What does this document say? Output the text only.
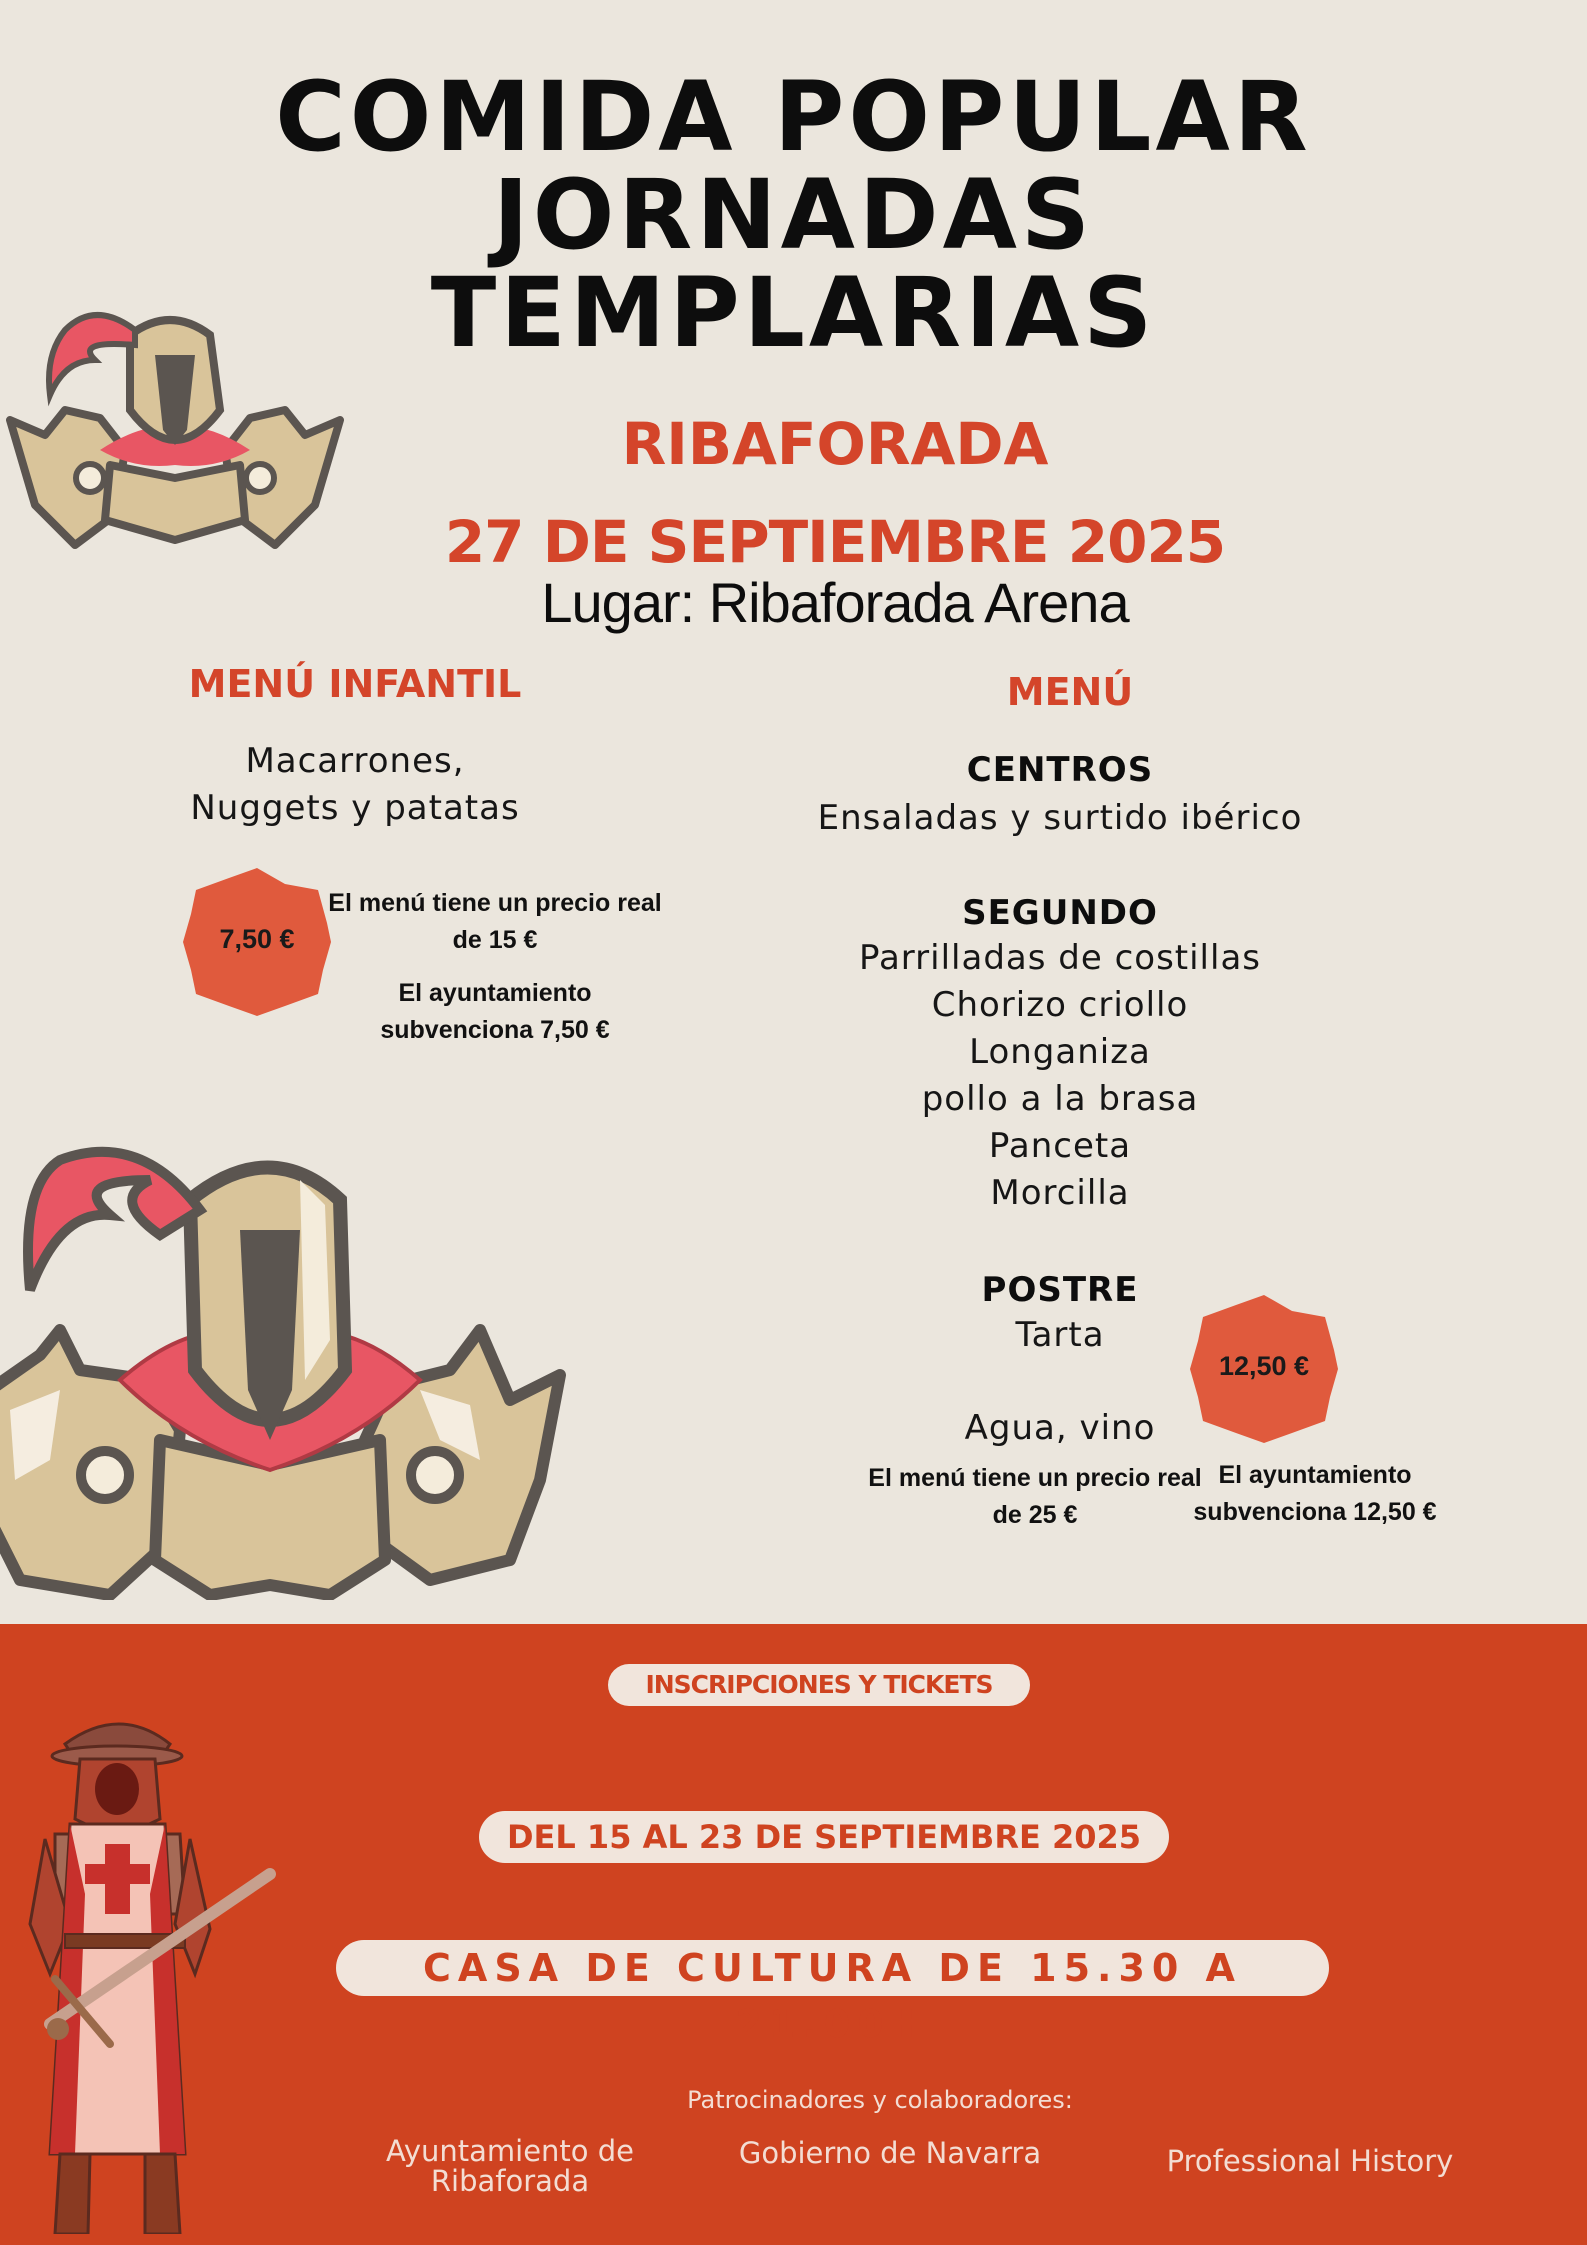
COMIDA POPULAR
JORNADAS
TEMPLARIAS
RIBAFORADA
27 DE SEPTIEMBRE 2025
Lugar: Ribaforada Arena
MENÚ INFANTIL
Macarrones,
Nuggets y patatas
7,50 €
El menú tiene un precio real
de 15 €
El ayuntamiento
subvenciona 7,50 €
MENÚ
CENTROS
Ensaladas y surtido ibérico
SEGUNDO
Parrilladas de costillas
Chorizo criollo
Longaniza
pollo a la brasa
Panceta
Morcilla
POSTRE
Tarta
Agua, vino
12,50 €
El menú tiene un precio real
de 25 €
El ayuntamiento
subvenciona 12,50 €
INSCRIPCIONES Y TICKETS
DEL 15 AL 23 DE SEPTIEMBRE 2025
CASA DE CULTURA DE 15.30 A 21.00H
Patrocinadores y colaboradores:
Ayuntamiento de Ribaforada
Gobierno de Navarra	Professional History
